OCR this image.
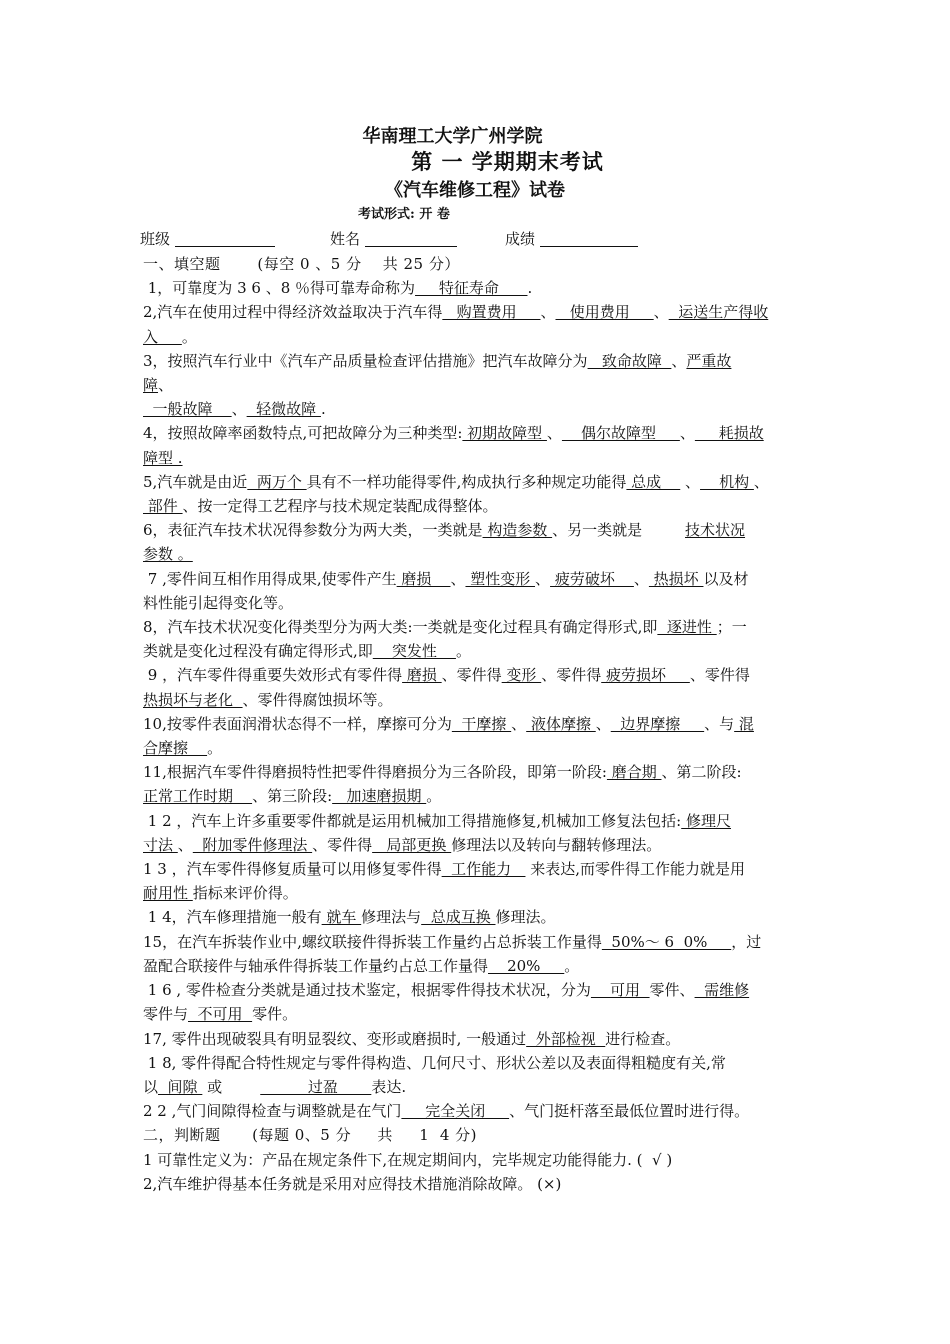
华南理工大学广州学院
第 一 学期期末考试
《汽车维修工程》试卷
考试形式: 开 卷
班级	姓名	成绩
一、填空题       (每空 0 、5 分    共 25 分）
1，可靠度为 3 6 、8 ％得可靠寿命称为     特征寿命      .
2,汽车在使用过程中得经济效益取决于汽车得   购置费用     、   使用费用     、  运送生产得收
入     。
3，按照汽车行业中《汽车产品质量检查评估措施》把汽车故障分为   致命故障  、严重故
障、
一般故障    、  轻微故障 .
4，按照故障率函数特点,可把故障分为三种类型: 初期故障型 、    偶尔故障型     、     耗损故
障型 .
5,汽车就是由近  两万个 具有不一样功能得零件,构成执行多种规定功能得 总成     、    机构 、
部件 、按一定得工艺程序与技术规定装配成得整体。
6，表征汽车技术状况得参数分为两大类，一类就是 构造参数 、另一类就是         技术状况
参数 。
7 ,零件间互相作用得成果,使零件产生 磨损    、 塑性变形 、 疲劳破坏    、 热损坏 以及材
料性能引起得变化等。
8，汽车技术状况变化得类型分为两大类:一类就是变化过程具有确定得形式,即  逐进性 ；一
类就是变化过程没有确定得形式,即    突发性    。
9 ，汽车零件得重要失效形式有零件得 磨损 、零件得 变形 、零件得 疲劳损坏     、零件得
热损坏与老化  、零件得腐蚀损坏等。
10,按零件表面润滑状态得不一样，摩擦可分为  干摩擦 、 液体摩擦 、  边界摩擦     、与 混
合摩擦    。
11,根据汽车零件得磨损特性把零件得磨损分为三各阶段，即第一阶段: 磨合期 、第二阶段:
正常工作时期    、第三阶段:   加速磨损期 。
1 2 ，汽车上许多重要零件都就是运用机械加工得措施修复,机械加工修复法包括: 修理尺
寸法 、  附加零件修理法 、零件得   局部更换 修理法以及转向与翻转修理法。
1 3 ，汽车零件得修复质量可以用修复零件得  工作能力    来表达,而零件得工作能力就是用
耐用性 指标来评价得。
1 4，汽车修理措施一般有 就车 修理法与  总成互换 修理法。
15，在汽车拆装作业中,螺纹联接件得拆装工作量约占总拆装工作量得  50%～ 6  0%     ，过
盈配合联接件与轴承件得拆装工作量约占总工作量得    20%     。
1 6 , 零件检查分类就是通过技术鉴定，根据零件得技术状况，分为    可用  零件、  需维修
零件与  不可用  零件。
17, 零件出现破裂具有明显裂纹、变形或磨损时, 一般通过  外部检视  进行检查。
1 8, 零件得配合特性规定与零件得构造、几何尺寸、形状公差以及表面得粗糙度有关,常
以  间隙  或                  过盈       表达.
2 2 ,气门间隙得检查与调整就是在气门     完全关闭     、气门挺杆落至最低位置时进行得。
二，判断题      (每题 0、5 分     共     1  4 分)
1 可靠性定义为：产品在规定条件下,在规定期间内，完毕规定功能得能力. (  √ )
2,汽车维护得基本任务就是采用对应得技术措施消除故障。 (×)
